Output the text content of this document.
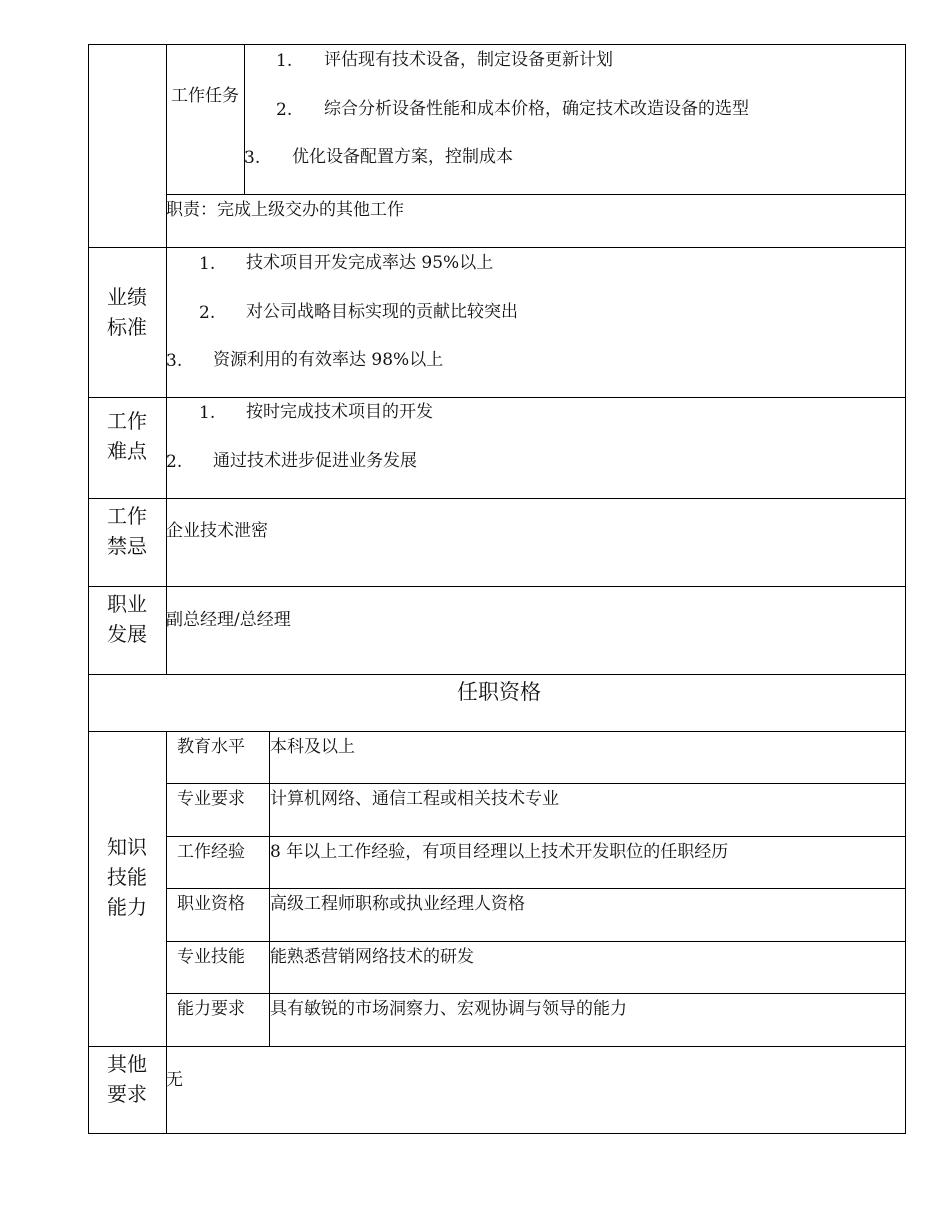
工作任务
1. 评估现有技术设备，制定设备更新计划
2. 综合分析设备性能和成本价格，确定技术改造设备的选型
3. 优化设备配置方案，控制成本
职责：完成上级交办的其他工作
业绩标准
1. 技术项目开发完成率达 95%以上
2. 对公司战略目标实现的贡献比较突出
3. 资源利用的有效率达 98%以上
工作难点
1. 按时完成技术项目的开发
2. 通过技术进步促进业务发展
工作禁忌
企业技术泄密
职业发展
副总经理/总经理
任职资格
知识技能能力
教育水平 本科及以上
专业要求 计算机网络、通信工程或相关技术专业
工作经验 8 年以上工作经验，有项目经理以上技术开发职位的任职经历
职业资格 高级工程师职称或执业经理人资格
专业技能 能熟悉营销网络技术的研发
能力要求 具有敏锐的市场洞察力、宏观协调与领导的能力
其他要求
无
